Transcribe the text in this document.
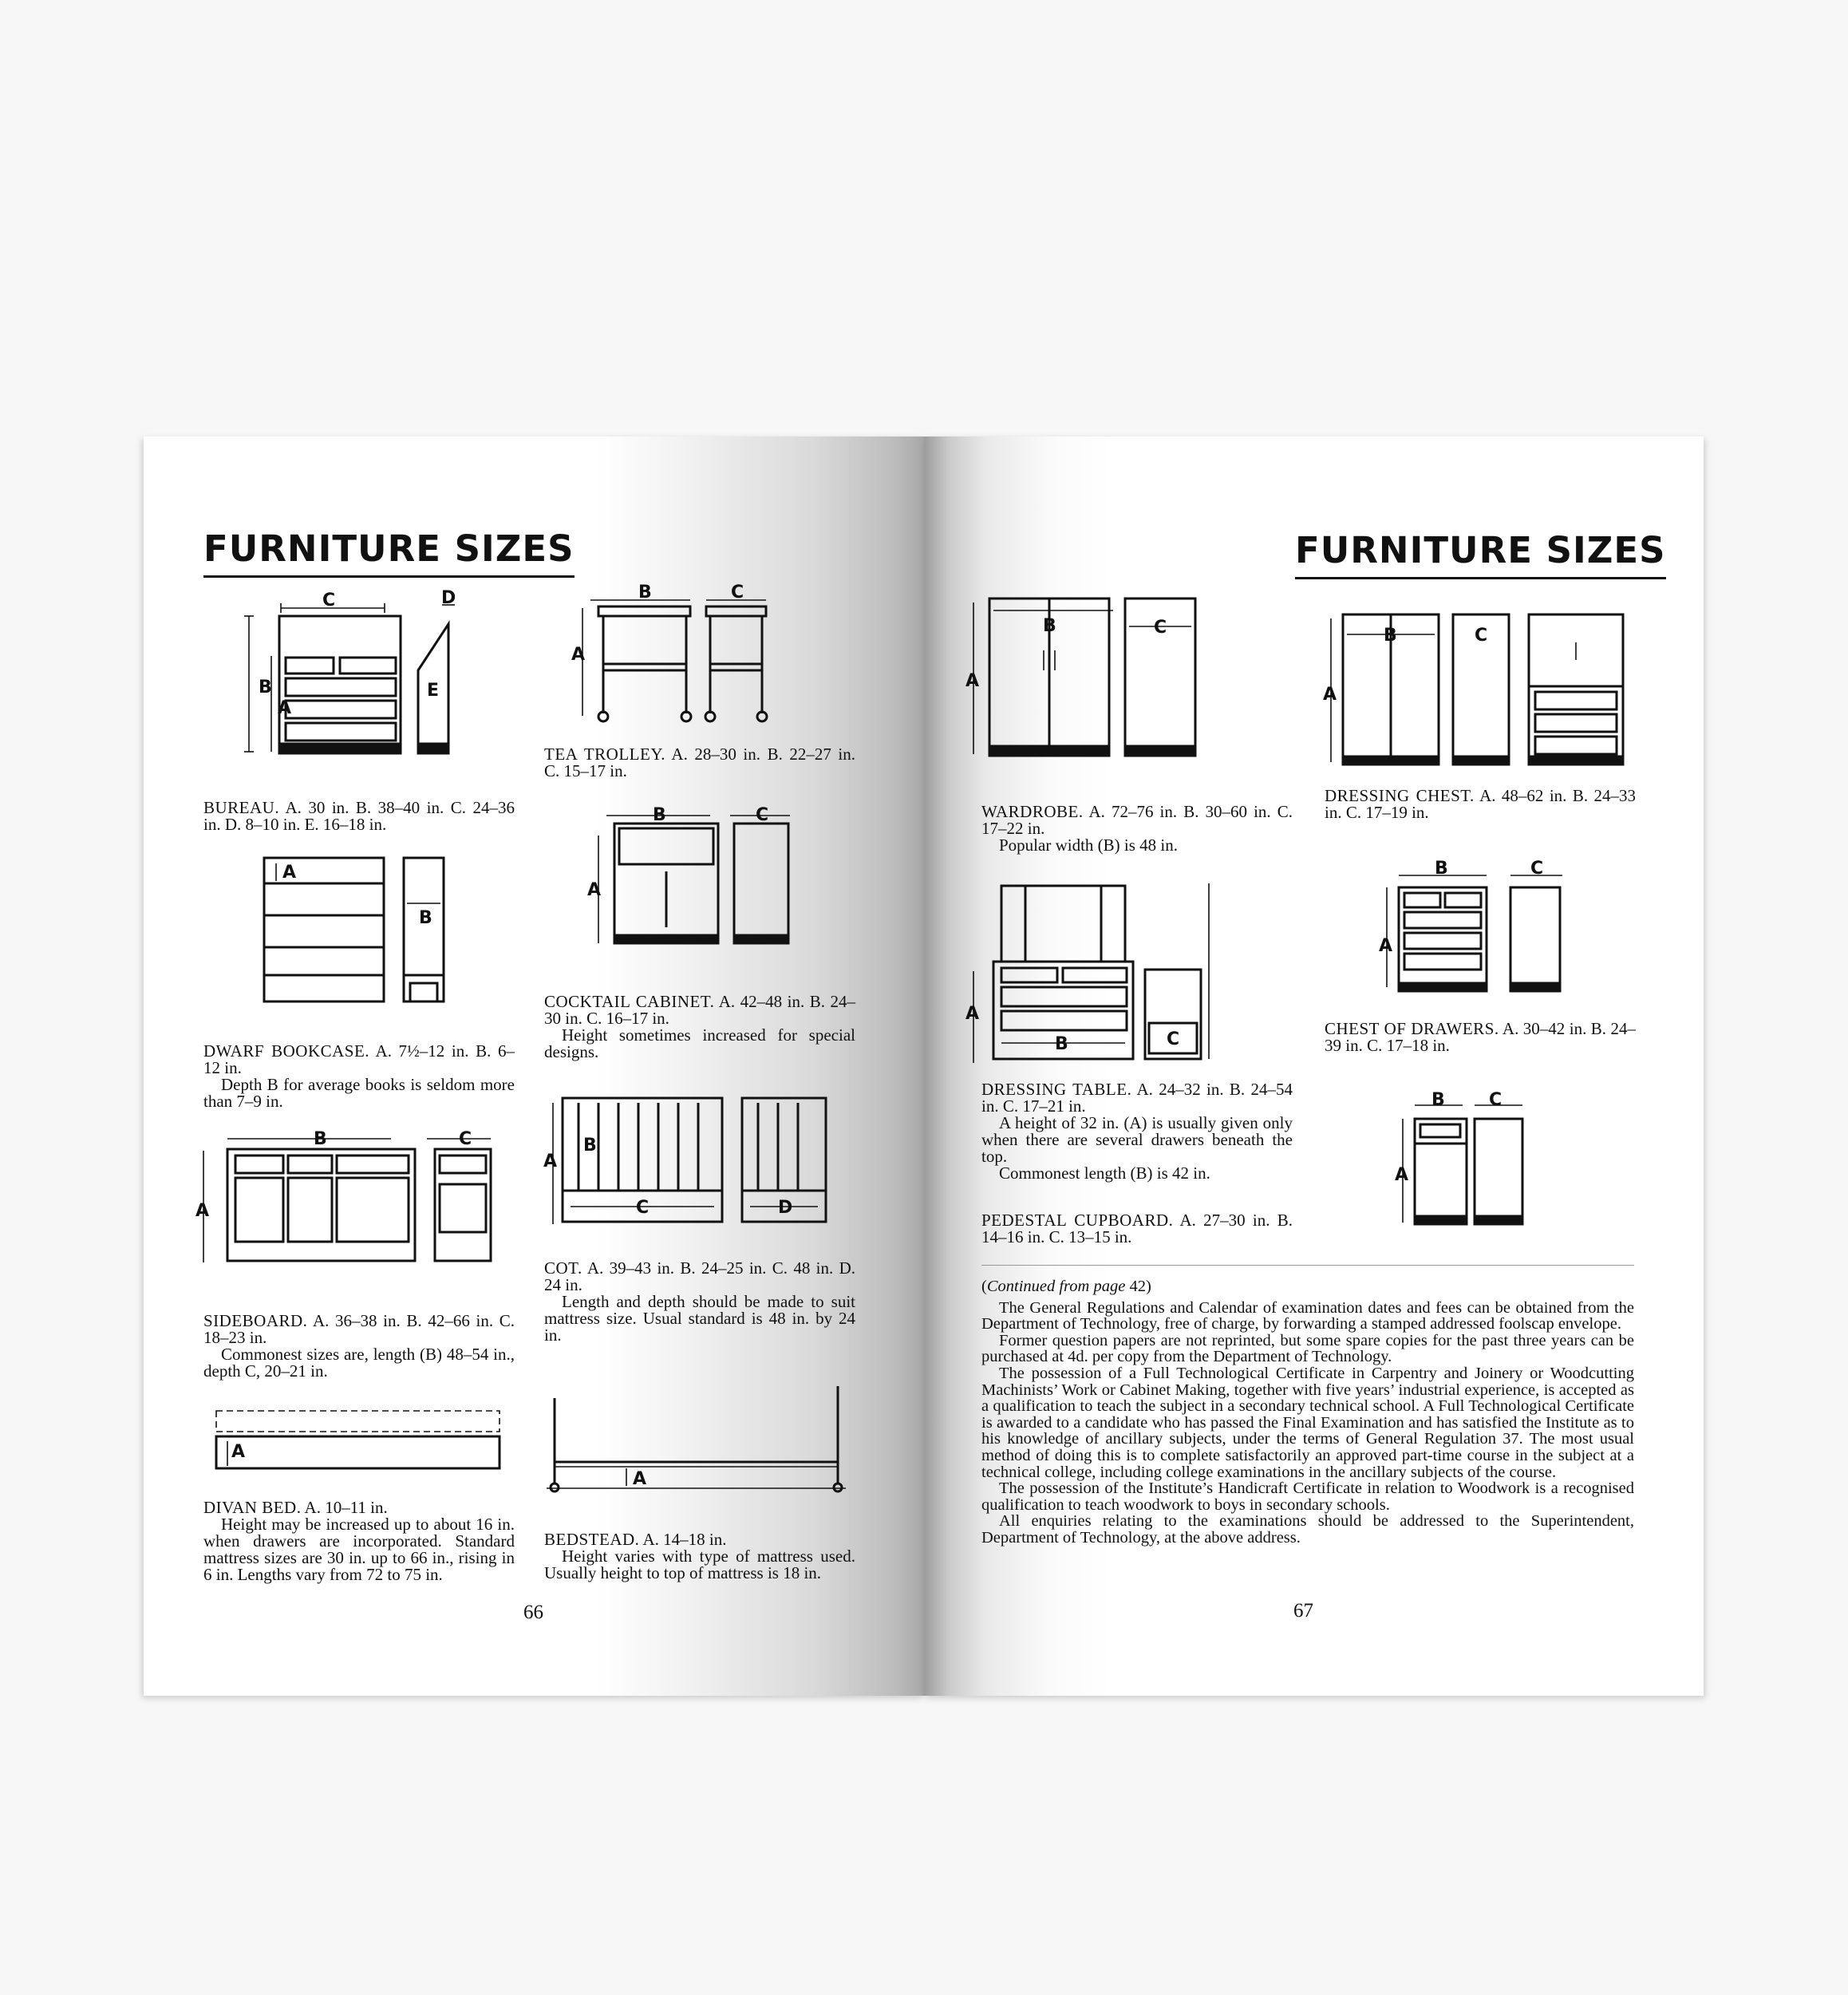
FURNITURE SIZES
B
A
C	D
E
BUREAU. A. 30 in. B. 38–40 in. C. 24–36 in. D. 8–10 in. E. 16–18 in.
A
B
DWARF BOOKCASE. A. 7½–12 in. B. 6–12 in.
Depth B for average books is seldom more than 7–9 in.
A
B	C
SIDEBOARD. A. 36–38 in. B. 42–66 in. C. 18–23 in.
Commonest sizes are, length (B) 48–54 in., depth C, 20–21 in.
A
DIVAN BED. A. 10–11 in.
Height may be increased up to about 16 in. when drawers are incorporated. Standard mattress sizes are 30 in. up to 66 in., rising in 6 in. Lengths vary from 72 to 75 in.
A
B	C
TEA TROLLEY. A. 28–30 in. B. 22–27 in. C. 15–17 in.
A
B	C
COCKTAIL CABINET. A. 42–48 in. B. 24–30 in. C. 16–17 in.
Height sometimes increased for special designs.
A
B
C	D
COT. A. 39–43 in. B. 24–25 in. C. 48 in. D. 24 in.
Length and depth should be made to suit mattress size. Usual standard is 48 in. by 24 in.
A
BEDSTEAD. A. 14–18 in.
Height varies with type of mattress used. Usually height to top of mattress is 18 in.
66
FURNITURE SIZES
A
B	C
WARDROBE. A. 72–76 in. B. 30–60 in. C. 17–22 in.
Popular width (B) is 48 in.
A
B	C
DRESSING TABLE. A. 24–32 in. B. 24–54 in. C. 17–21 in.
A height of 32 in. (A) is usually given only when there are several drawers beneath the top.
Commonest length (B) is 42 in.
PEDESTAL CUPBOARD. A. 27–30 in. B. 14–16 in. C. 13–15 in.
A
B	C
DRESSING CHEST. A. 48–62 in. B. 24–33 in. C. 17–19 in.
A
B	C
CHEST OF DRAWERS. A. 30–42 in. B. 24–39 in. C. 17–18 in.
A
B	C

(Continued from page 42)

The General Regulations and Calendar of examination dates and fees can be obtained from the Department of Technology, free of charge, by forwarding a stamped addressed foolscap envelope.

Former question papers are not reprinted, but some spare copies for the past three years can be purchased at 4d. per copy from the Department of Technology.

The possession of a Full Technological Certificate in Carpentry and Joinery or Woodcutting Machinists’ Work or Cabinet Making, together with five years’ industrial experience, is accepted as a qualification to teach the subject in a secondary technical school. A Full Technological Certificate is awarded to a candidate who has passed the Final Examination and has satisfied the Institute as to his knowledge of ancillary subjects, under the terms of General Regulation 37. The most usual method of doing this is to complete satisfactorily an approved part-time course in the subject at a technical college, including college examinations in the ancillary subjects of the course.

The possession of the Institute’s Handicraft Certificate in relation to Woodwork is a recognised qualification to teach woodwork to boys in secondary schools.

All enquiries relating to the examinations should be addressed to the Superintendent, Department of Technology, at the above address.

67
